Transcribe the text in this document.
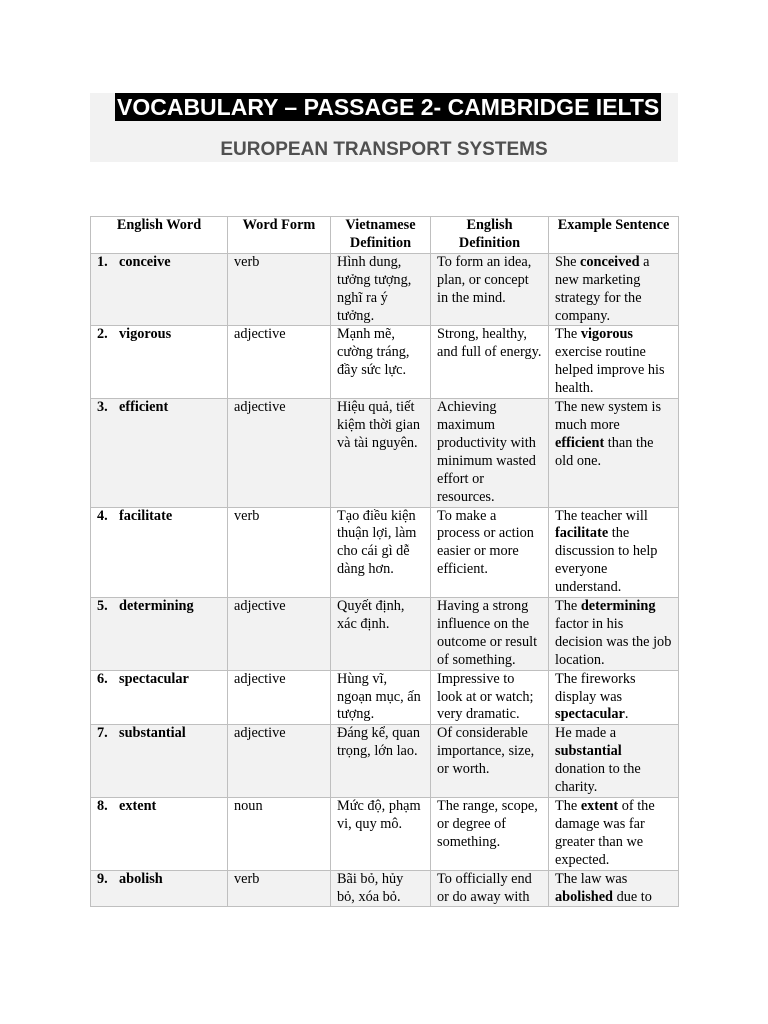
VOCABULARY – PASSAGE 2- CAMBRIDGE IELTS
EUROPEAN TRANSPORT SYSTEMS
English Word	Word Form	Vietnamese Definition	English Definition	Example Sentence
1. conceive	verb	Hình dung, tưởng tượng, nghĩ ra ý tưởng.	To form an idea, plan, or concept in the mind.	She conceived a new marketing strategy for the company.
2. vigorous	adjective	Mạnh mẽ, cường tráng, đầy sức lực.	Strong, healthy, and full of energy.	The vigorous exercise routine helped improve his health.
3. efficient	adjective	Hiệu quả, tiết kiệm thời gian và tài nguyên.	Achieving maximum productivity with minimum wasted effort or resources.	The new system is much more efficient than the old one.
4. facilitate	verb	Tạo điều kiện thuận lợi, làm cho cái gì dễ dàng hơn.	To make a process or action easier or more efficient.	The teacher will facilitate the discussion to help everyone understand.
5. determining	adjective	Quyết định, xác định.	Having a strong influence on the outcome or result of something.	The determining factor in his decision was the job location.
6. spectacular	adjective	Hùng vĩ, ngoạn mục, ấn tượng.	Impressive to look at or watch; very dramatic.	The fireworks display was spectacular.
7. substantial	adjective	Đáng kể, quan trọng, lớn lao.	Of considerable importance, size, or worth.	He made a substantial donation to the charity.
8. extent	noun	Mức độ, phạm vi, quy mô.	The range, scope, or degree of something.	The extent of the damage was far greater than we expected.
9. abolish	verb	Bãi bỏ, hủy bỏ, xóa bỏ.	To officially end or do away with	The law was abolished due to
